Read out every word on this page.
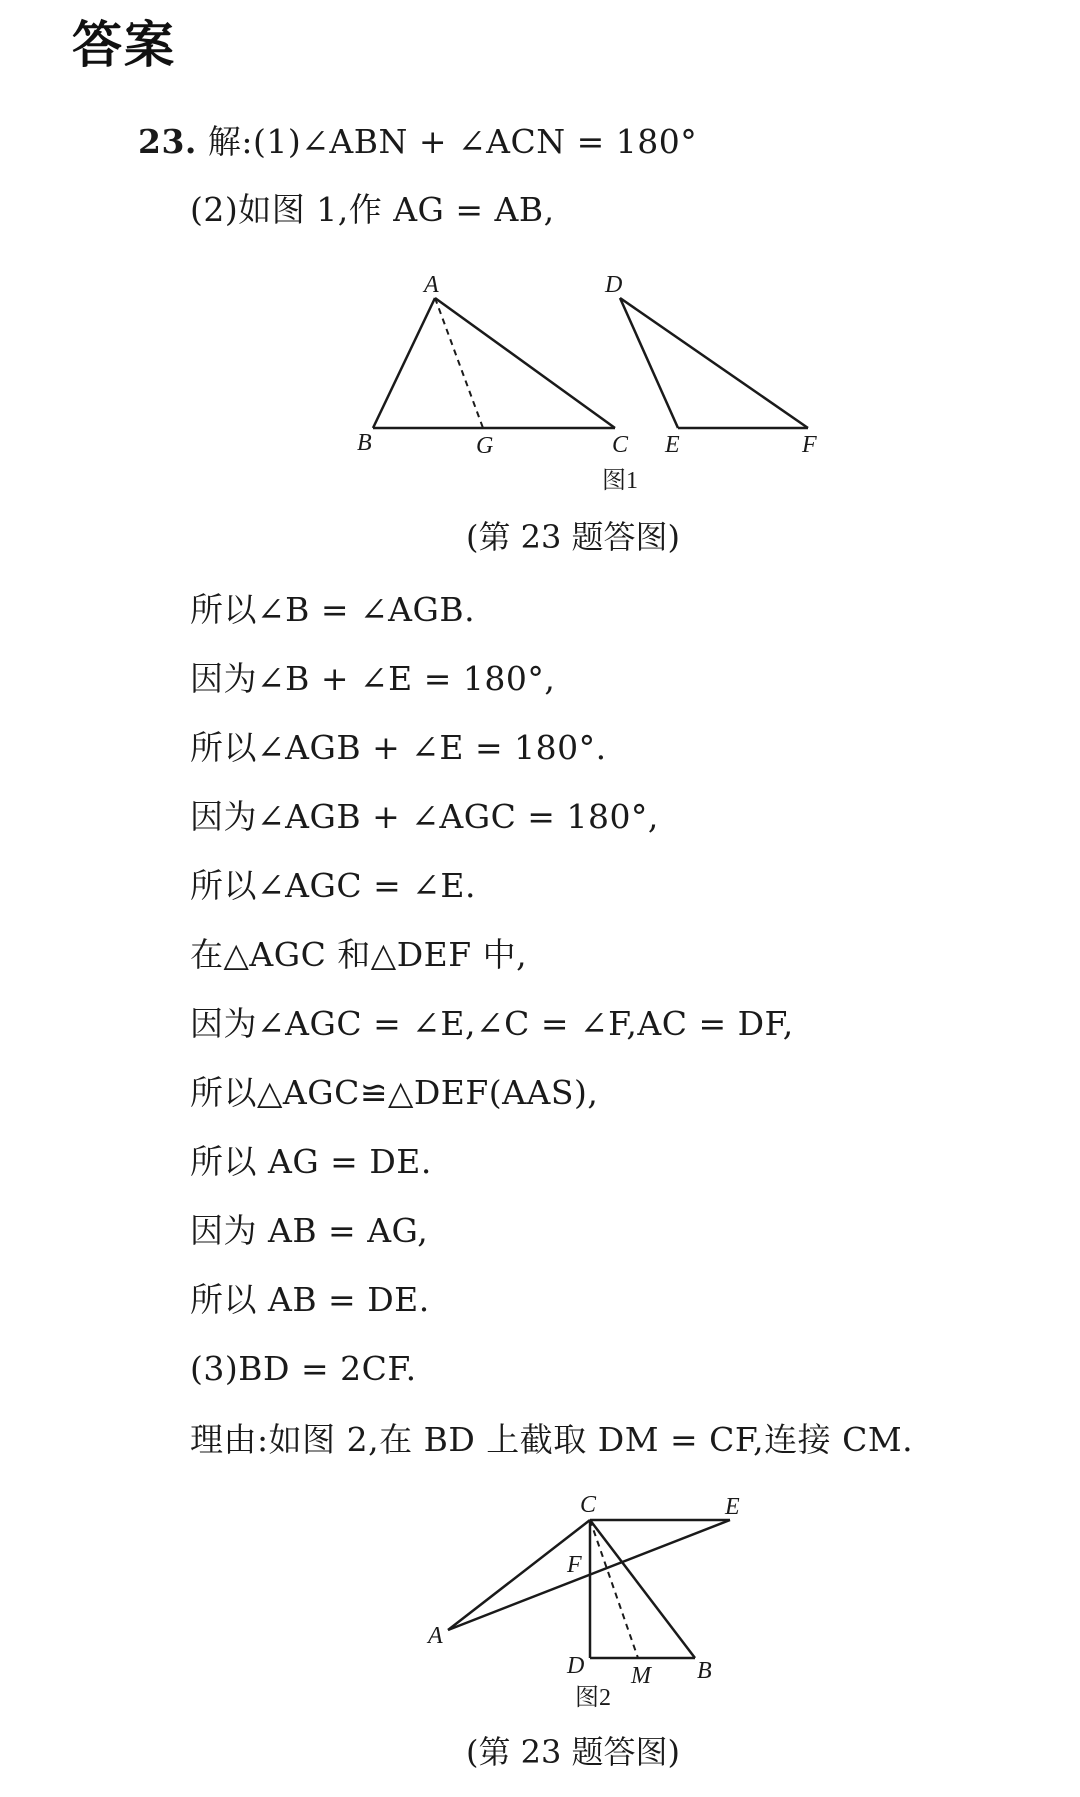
答案
23. 解:(1)∠ABN + ∠ACN = 180°
(2)如图 1,作 AG = AB,
A
B	G	C
D
E	F
图1
C	E
F
A
D M B
图2
(第 23 题答图)
所以∠B = ∠AGB.
因为∠B + ∠E = 180°,
所以∠AGB + ∠E = 180°.
因为∠AGB + ∠AGC = 180°,
所以∠AGC = ∠E.
在△AGC 和△DEF 中,
因为∠AGC = ∠E,∠C = ∠F,AC = DF,
所以△AGC≌△DEF(AAS),
所以 AG = DE.
因为 AB = AG,
所以 AB = DE.
(3)BD = 2CF.
理由:如图 2,在 BD 上截取 DM = CF,连接 CM.
(第 23 题答图)
